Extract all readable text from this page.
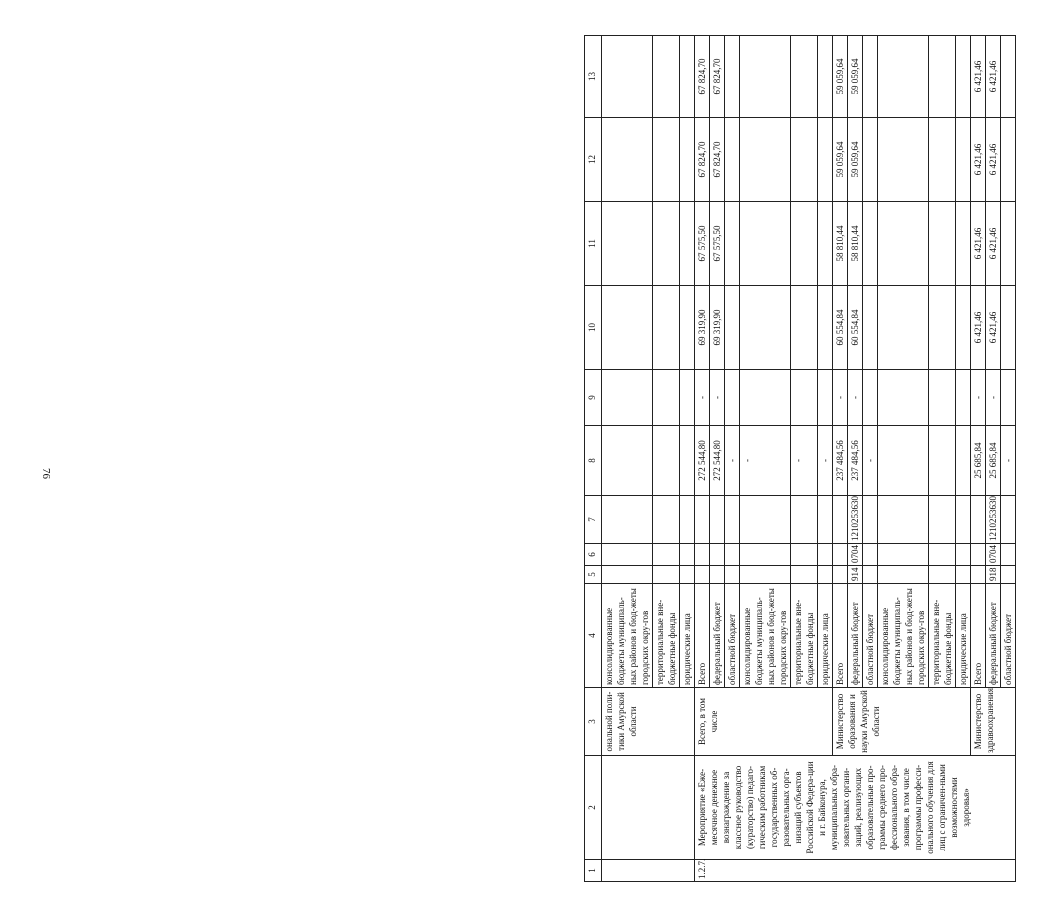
76
1	2	3	4	5	6	7	8	9	10	11	12	13
		ональной поли-тики Амурской области	консолидированные бюджеты муниципаль-ных районов и бюд-жеты городских окру-гов									
			территориальные вне-бюджетные фонды									
			юридические лица									
1.2.7.	Мероприятие «Еже-месячное денежное вознаграждение за классное руководство (кураторство) педаго-гическим работникам государственных об-разовательных орга-низаций субъектов Российской Федера-ции и г. Байконура, муниципальных обра-зовательных органи-заций, реализующих образовательные про-граммы среднего про-фессионального обра-зования, в том числе программы професси-онального обучения для лиц с ограничен-ными возможностями здоровья»	Всего, в том числе	Всего				272 544,80	-	69 319,90	67 575,50	67 824,70	67 824,70
			федеральный бюджет				272 544,80	-	69 319,90	67 575,50	67 824,70	67 824,70
			областной бюджет				-					
			консолидированные бюджеты муниципаль-ных районов и бюд-жеты городских окру-гов				-					
			территориальные вне-бюджетные фонды				-					
			юридические лица				-					
		Министерство образования и науки Амурской области	Всего				237 484,56	-	60 554,84	58 810,44	59 059,64	59 059,64
			федеральный бюджет	914	0704	1210253630	237 484,56	-	60 554,84	58 810,44	59 059,64	59 059,64
			областной бюджет				-					
			консолидированные бюджеты муниципаль-ных районов и бюд-жеты городских окру-гов									
			территориальные вне-бюджетные фонды									
			юридические лица									
		Министерство здравоохранения	Всего				25 685,84	-	6 421,46	6 421,46	6 421,46	6 421,46
			федеральный бюджет	918	0704	1210253630	25 685,84	-	6 421,46	6 421,46	6 421,46	6 421,46
			областной бюджет				-					
